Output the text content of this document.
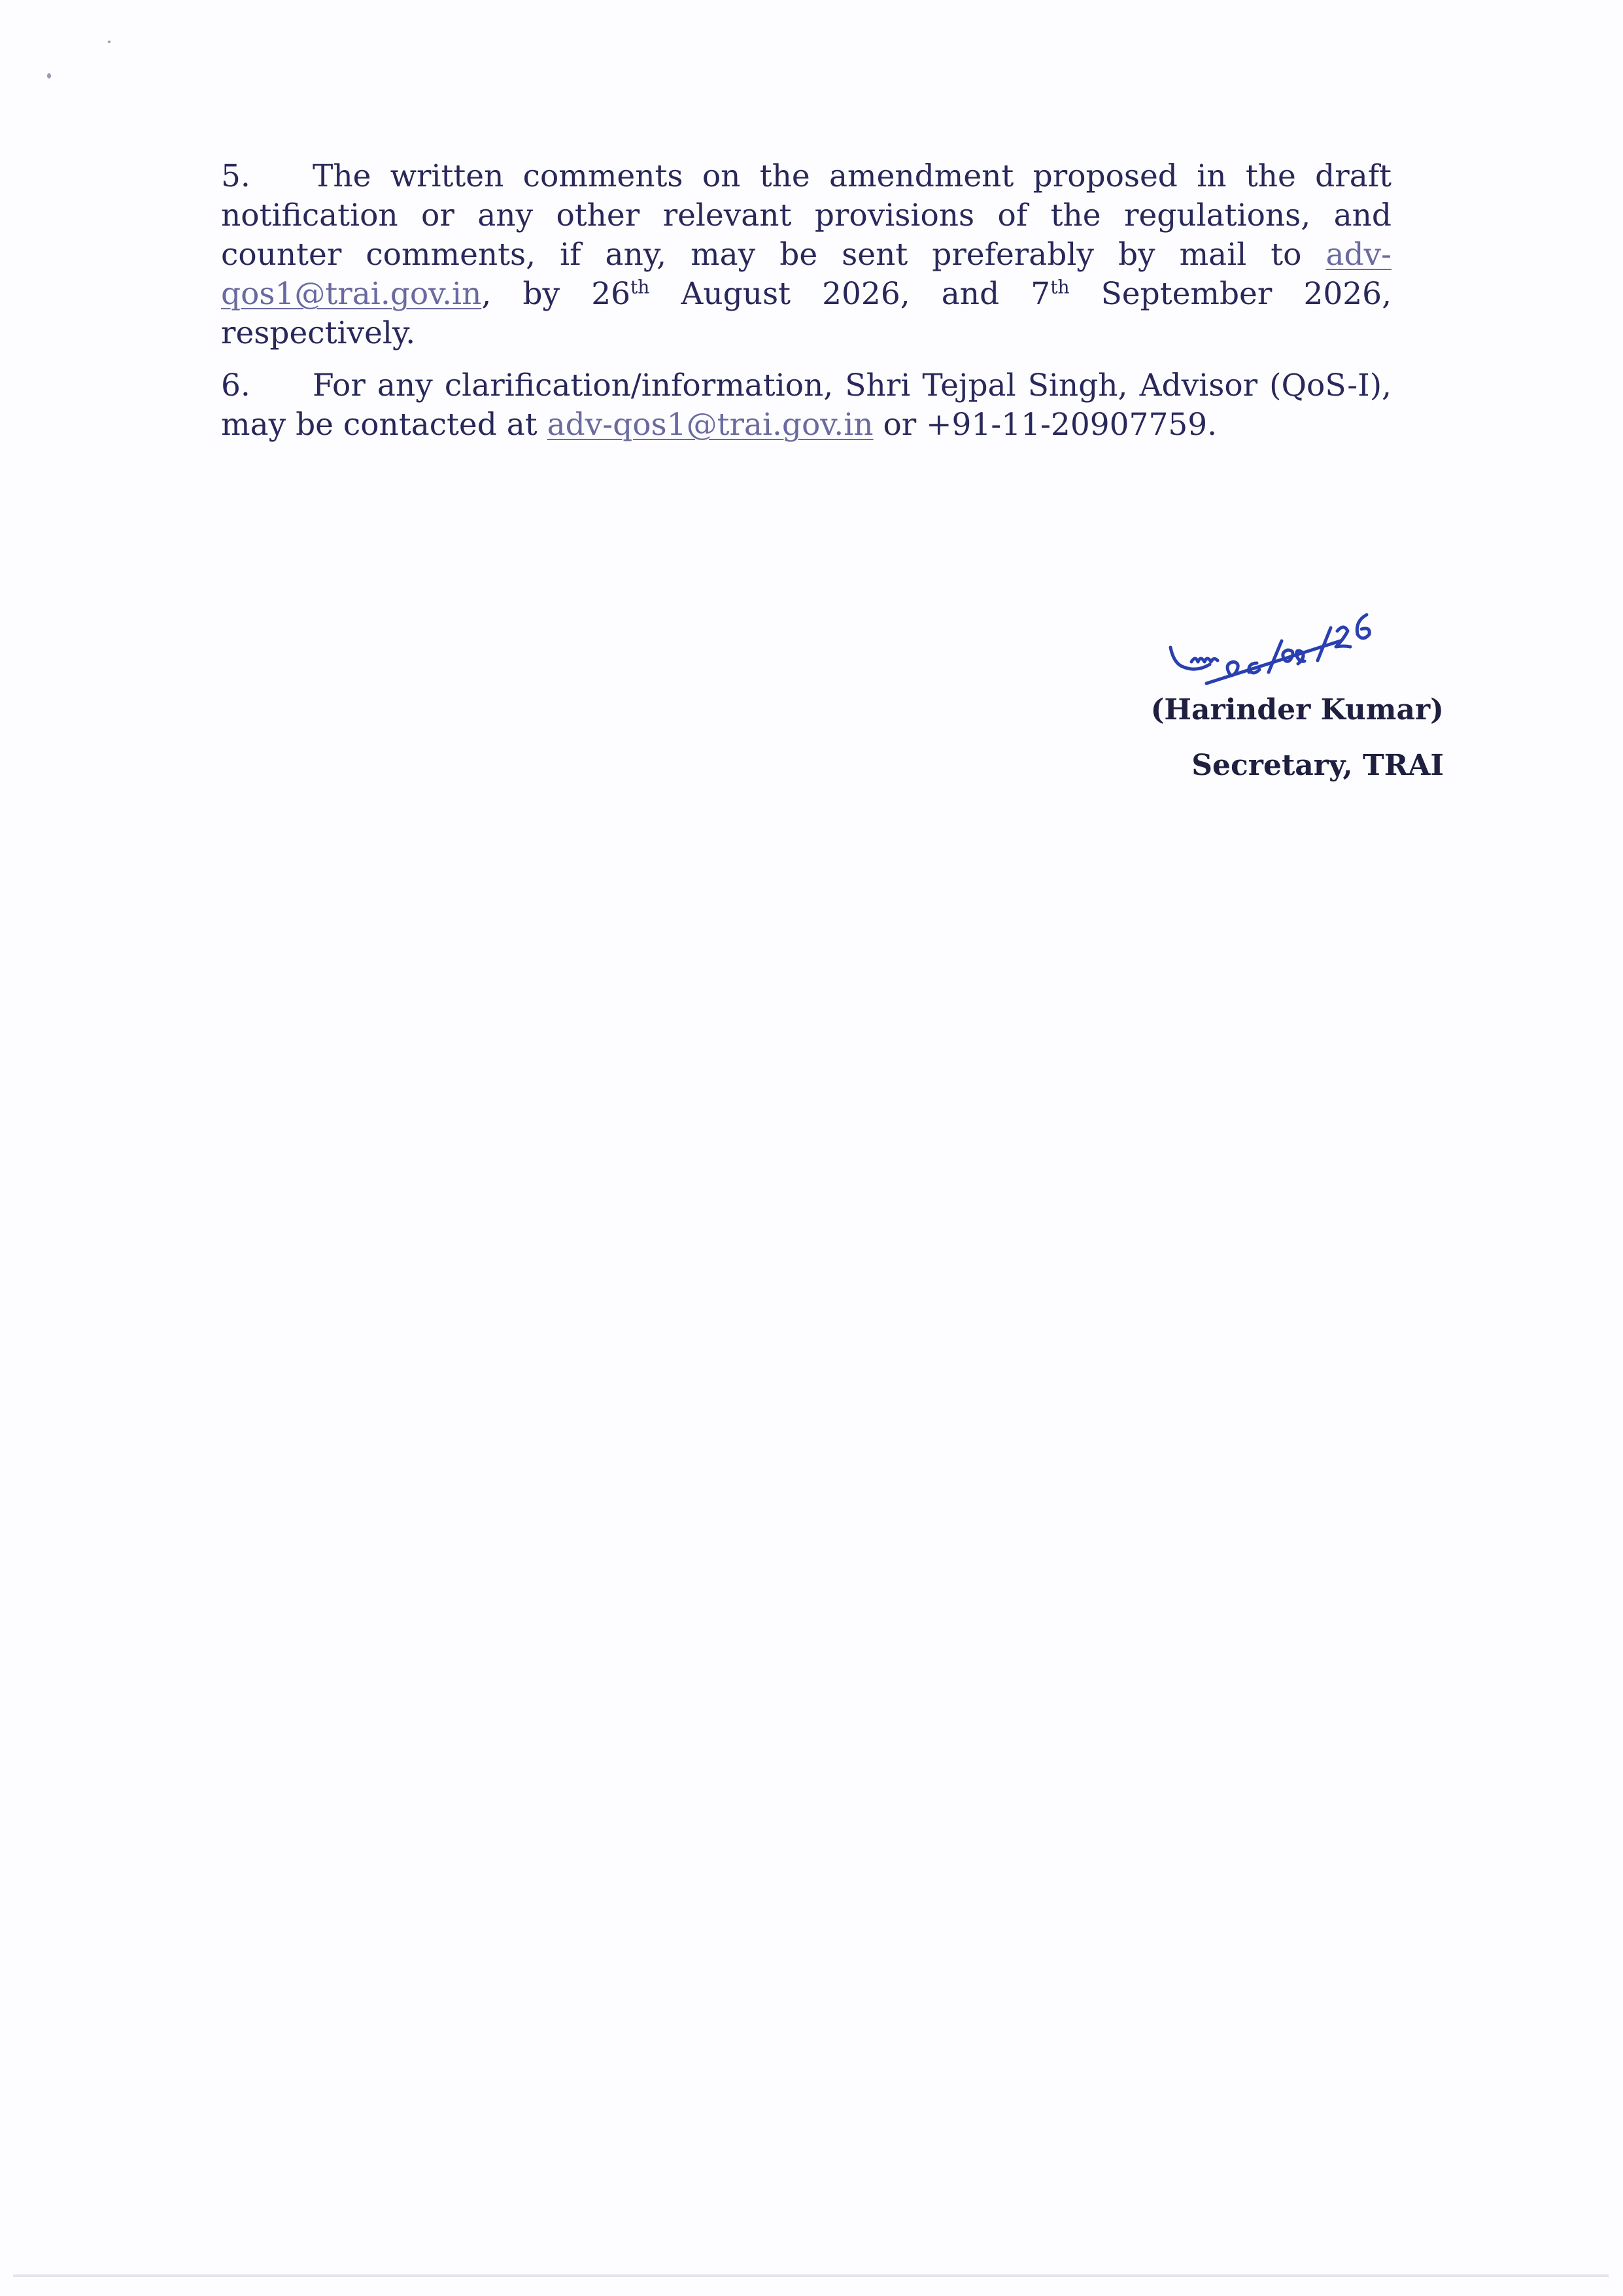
5. The written comments on the amendment proposed in the draft notification or any other relevant provisions of the regulations, and counter comments, if any, may be sent preferably by mail to adv-qos1@trai.gov.in, by 26th August 2026, and 7th September 2026, respectively.
6. For any clarification/information, Shri Tejpal Singh, Advisor (QoS-I), may be contacted at adv-qos1@trai.gov.in or +91-11-20907759.
(Harinder Kumar)
Secretary, TRAI
